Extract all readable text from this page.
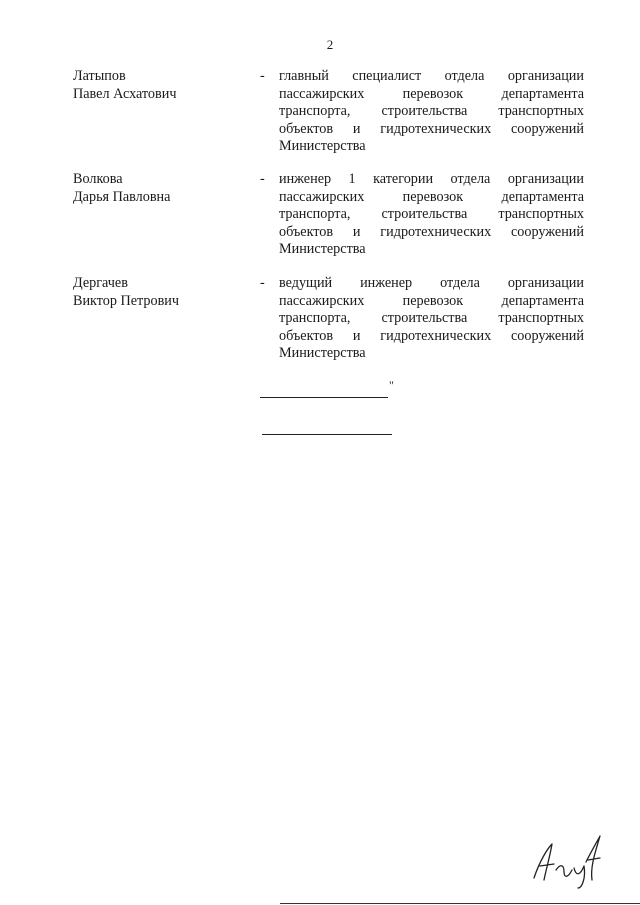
2
Латыпов
Павел Асхатович
- главный специалист отдела организации
пассажирских перевозок департамента
транспорта, строительства транспортных
объектов и гидротехнических сооружений
Министерства
Волкова
Дарья Павловна
- инженер 1 категории отдела организации
пассажирских перевозок департамента
транспорта, строительства транспортных
объектов и гидротехнических сооружений
Министерства
Дергачев
Виктор Петрович
- ведущий инженер отдела организации
пассажирских перевозок департамента
транспорта, строительства транспортных
объектов и гидротехнических сооружений
Министерства
"
